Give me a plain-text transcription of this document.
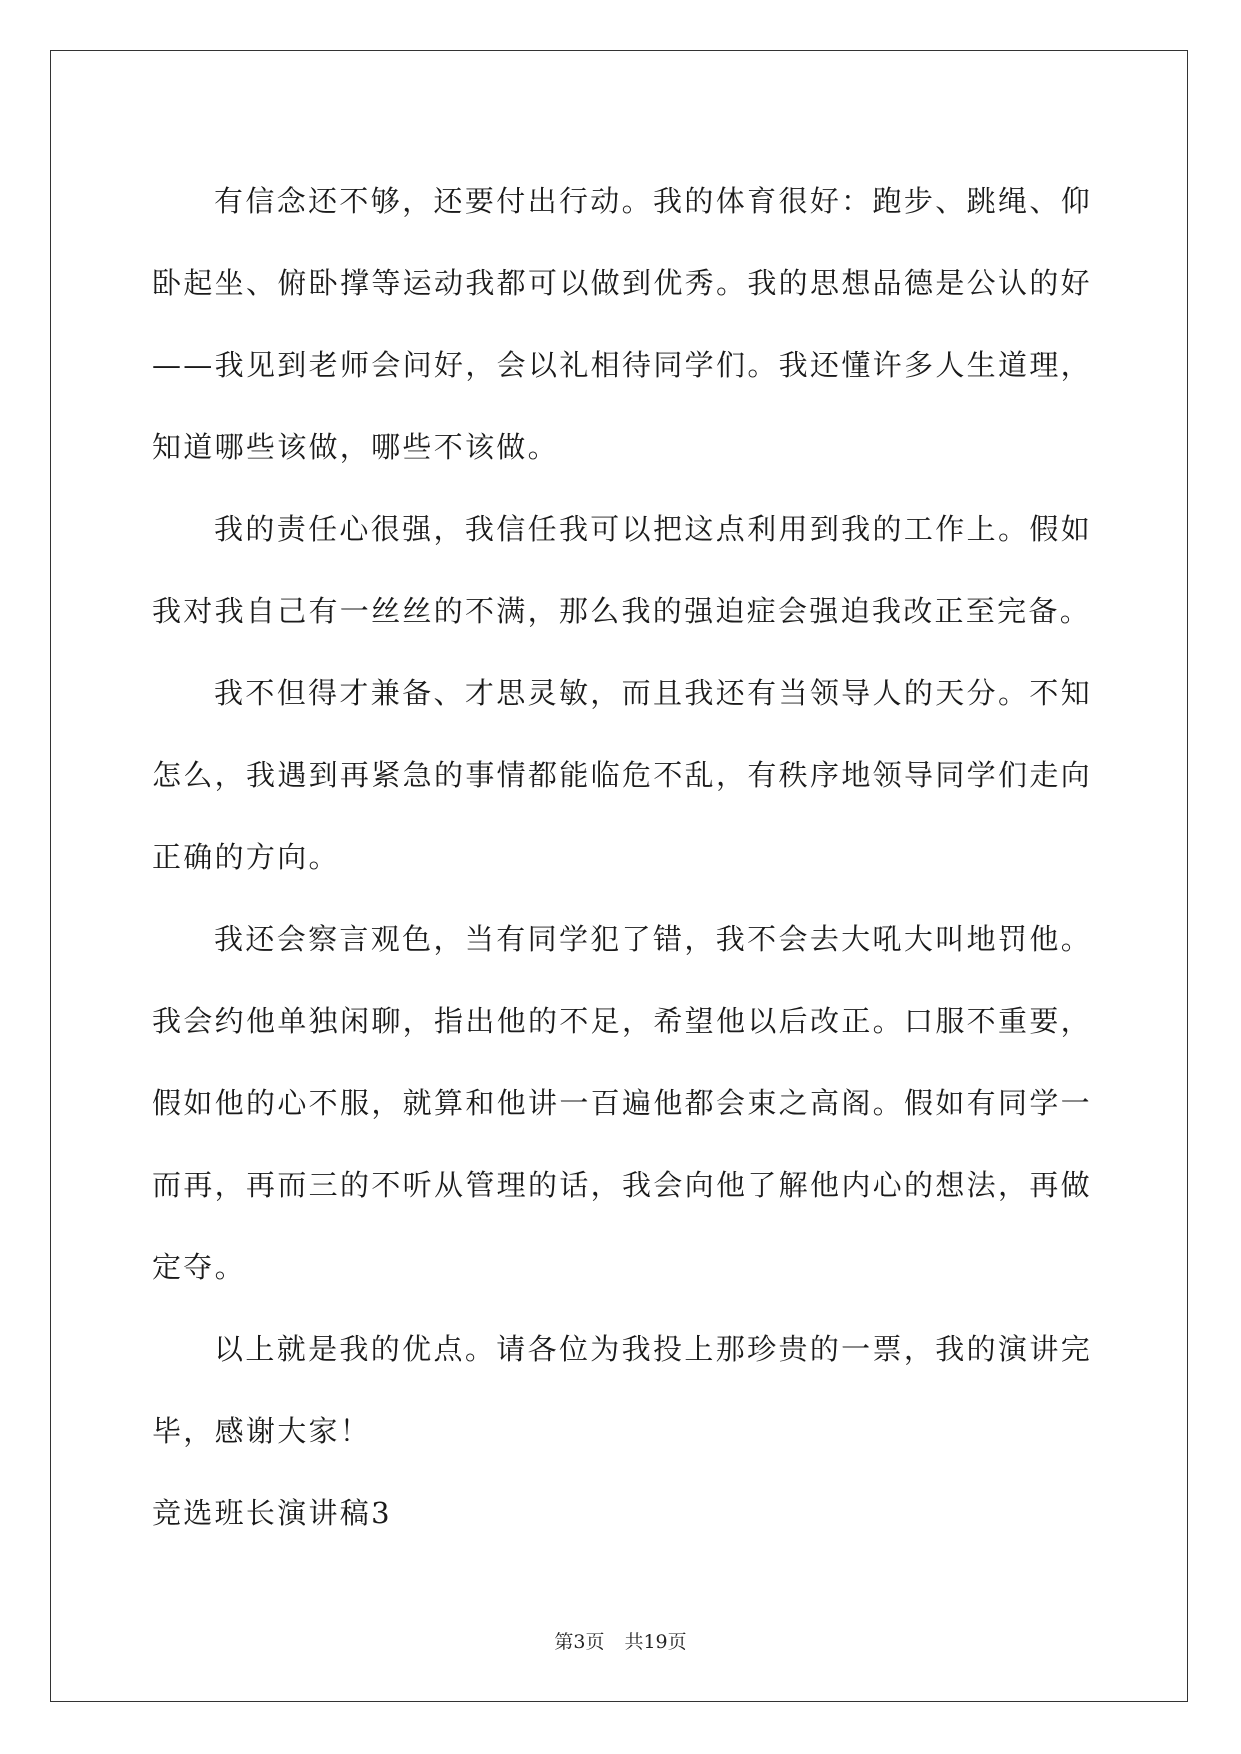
有信念还不够，还要付出行动。我的体育很好：跑步、跳绳、仰卧起坐、俯卧撑等运动我都可以做到优秀。我的思想品德是公认的好——我见到老师会问好，会以礼相待同学们。我还懂许多人生道理，知道哪些该做，哪些不该做。

我的责任心很强，我信任我可以把这点利用到我的工作上。假如我对我自己有一丝丝的不满，那么我的强迫症会强迫我改正至完备。

我不但得才兼备、才思灵敏，而且我还有当领导人的天分。不知怎么，我遇到再紧急的事情都能临危不乱，有秩序地领导同学们走向正确的方向。

我还会察言观色，当有同学犯了错，我不会去大吼大叫地罚他。我会约他单独闲聊，指出他的不足，希望他以后改正。口服不重要，假如他的心不服，就算和他讲一百遍他都会束之高阁。假如有同学一而再，再而三的不听从管理的话，我会向他了解他内心的想法，再做定夺。

以上就是我的优点。请各位为我投上那珍贵的一票，我的演讲完毕，感谢大家！

竞选班长演讲稿3

第3页 共19页
